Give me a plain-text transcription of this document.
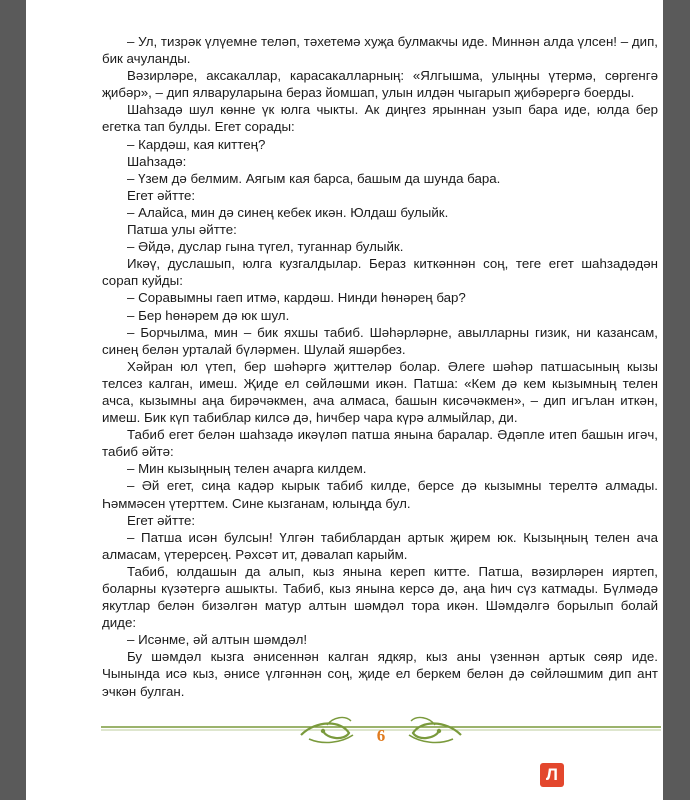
– Ул, тизрәк үлүемне теләп, тәхетемә хуҗа булмакчы иде. Миннән алда үлсен! – дип, бик ачуланды.

Вәзирләре, аксакаллар, карасакалларның: «Ялгышма, улыңны үтермә, сөргенгә җибәр», – дип ялваруларына бераз йомшап, улын илдән чыгарып җибәрергә боерды.

Шаһзадә шул көнне үк юлга чыкты. Ак диңгез ярыннан узып бара иде, юлда бер егетка тап булды. Егет сорады:

– Кардәш, кая киттең?

Шаһзадә:

– Үзем дә белмим. Аягым кая барса, башым да шунда бара.

Егет әйтте:

– Алайса, мин дә синең кебек икән. Юлдаш булыйк.

Патша улы әйтте:

– Әйдә, дуслар гына түгел, туганнар булыйк.

Икәү, дуслашып, юлга кузгалдылар. Бераз киткәннән соң, теге егет шаһзадәдән сорап куйды:

– Соравымны гаеп итмә, кардәш. Нинди һөнәрең бар?

– Бер һөнәрем дә юк шул.

– Борчылма, мин – бик яхшы табиб. Шәһәрләрне, авылларны гизик, ни казансам, синең белән урталай бүләрмен. Шулай яшәрбез.

Хәйран юл үтеп, бер шәһәргә җиттеләр болар. Әлеге шәһәр патшасының кызы телсез калган, имеш. Җиде ел сөйләшми икән. Патша: «Кем дә кем кызымның телен ачса, кызымны аңа бирәчәкмен, ача алмаса, башын кисәчәкмен», – дип игълан иткән, имеш. Бик күп табиблар килсә дә, һичбер чара күрә алмыйлар, ди.

Табиб егет белән шаһзадә икәүләп патша янына баралар. Әдәпле итеп башын игәч, табиб әйтә:

– Мин кызыңның телен ачарга килдем.

– Әй егет, сиңа кадәр кырык табиб килде, берсе дә кызымны терелтә алмады. Һәммәсен үтерттем. Сине кызганам, юлыңда бул.

Егет әйтте:

– Патша исән булсын! Үлгән табиблардан артык җирем юк. Кызыңның телен ача алмасам, үтерерсең. Рәхсәт ит, дәвалап карыйм.

Табиб, юлдашын да алып, кыз янына кереп китте. Патша, вәзирләрен ияртеп, боларны күзәтергә ашыкты. Табиб, кыз янына керсә дә, аңа һич сүз катмады. Бүлмәдә якутлар белән бизәлгән матур алтын шәмдәл тора икән. Шәмдәлгә борылып болай диде:

– Исәнме, әй алтын шәмдәл!

Бу шәмдәл кызга әнисеннән калган ядкяр, кыз аны үзеннән артык сөяр иде. Чынында исә кыз, әнисе үлгәннән соң, җиде ел беркем белән дә сөйләшмим дип ант эчкән булган.

6
Л
